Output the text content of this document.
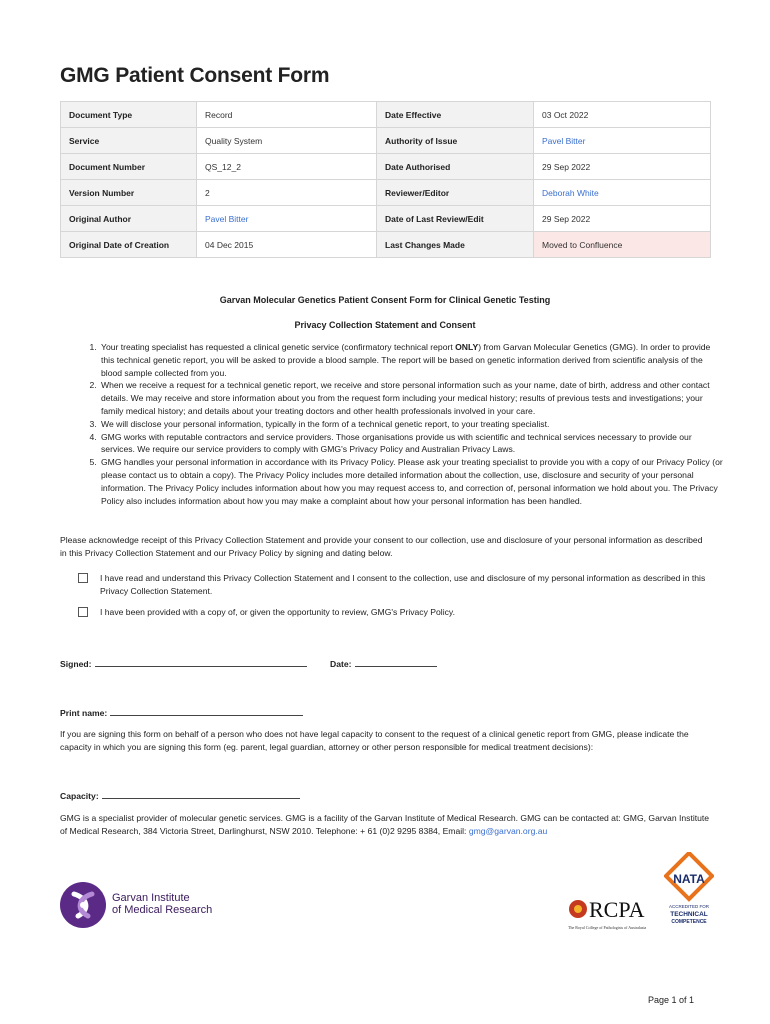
GMG Patient Consent Form
Document Type	Record	Date Effective	03 Oct 2022
Service	Quality System	Authority of Issue	Pavel Bitter
Document Number	QS_12_2	Date Authorised	29 Sep 2022
Version Number	2	Reviewer/Editor	Deborah White
Original Author	Pavel Bitter	Date of Last Review/Edit	29 Sep 2022
Original Date of Creation	04 Dec 2015	Last Changes Made	Moved to Confluence
Garvan Molecular Genetics Patient Consent Form for Clinical Genetic Testing
Privacy Collection Statement and Consent
1. Your treating specialist has requested a clinical genetic service (confirmatory technical report ONLY) from Garvan Molecular Genetics (GMG). In order to provide this technical genetic report, you will be asked to provide a blood sample. The report will be based on genetic information derived from scientific analysis of the blood sample collected from you.
2. When we receive a request for a technical genetic report, we receive and store personal information such as your name, date of birth, address and other contact details. We may receive and store information about you from the request form including your medical history; results of previous tests and investigations; your family medical history; and details about your treating doctors and other health professionals involved in your care.
3. We will disclose your personal information, typically in the form of a technical genetic report, to your treating specialist.
4. GMG works with reputable contractors and service providers. Those organisations provide us with scientific and technical services necessary to provide our services. We require our service providers to comply with GMG's Privacy Policy and Australian Privacy Laws.
5. GMG handles your personal information in accordance with its Privacy Policy. Please ask your treating specialist to provide you with a copy of our Privacy Policy (or please contact us to obtain a copy). The Privacy Policy includes more detailed information about the collection, use, disclosure and security of your personal information. The Privacy Policy includes information about how you may request access to, and correction of, personal information we hold about you. The Privacy Policy also includes information about how you may make a complaint about how your personal information has been handled.
Please acknowledge receipt of this Privacy Collection Statement and provide your consent to our collection, use and disclosure of your personal information as described in this Privacy Collection Statement and our Privacy Policy by signing and dating below.
I have read and understand this Privacy Collection Statement and I consent to the collection, use and disclosure of my personal information as described in this Privacy Collection Statement.
I have been provided with a copy of, or given the opportunity to review, GMG's Privacy Policy.
Signed:	Date:
Print name:
If you are signing this form on behalf of a person who does not have legal capacity to consent to the request of a clinical genetic report from GMG, please indicate the capacity in which you are signing this form (eg. parent, legal guardian, attorney or other person responsible for medical treatment decisions):
Capacity:
GMG is a specialist provider of molecular genetic services. GMG is a facility of the Garvan Institute of Medical Research. GMG can be contacted at: GMG, Garvan Institute of Medical Research, 384 Victoria Street, Darlinghurst, NSW 2010. Telephone: + 61 (0)2 9295 8384, Email: gmg@garvan.org.au
Garvan Institute
of Medical Research	RCPA
The Royal College of Pathologists of Australasia
NATA
ACCREDITED FOR
TECHNICAL
COMPETENCE
Page 1 of 1
